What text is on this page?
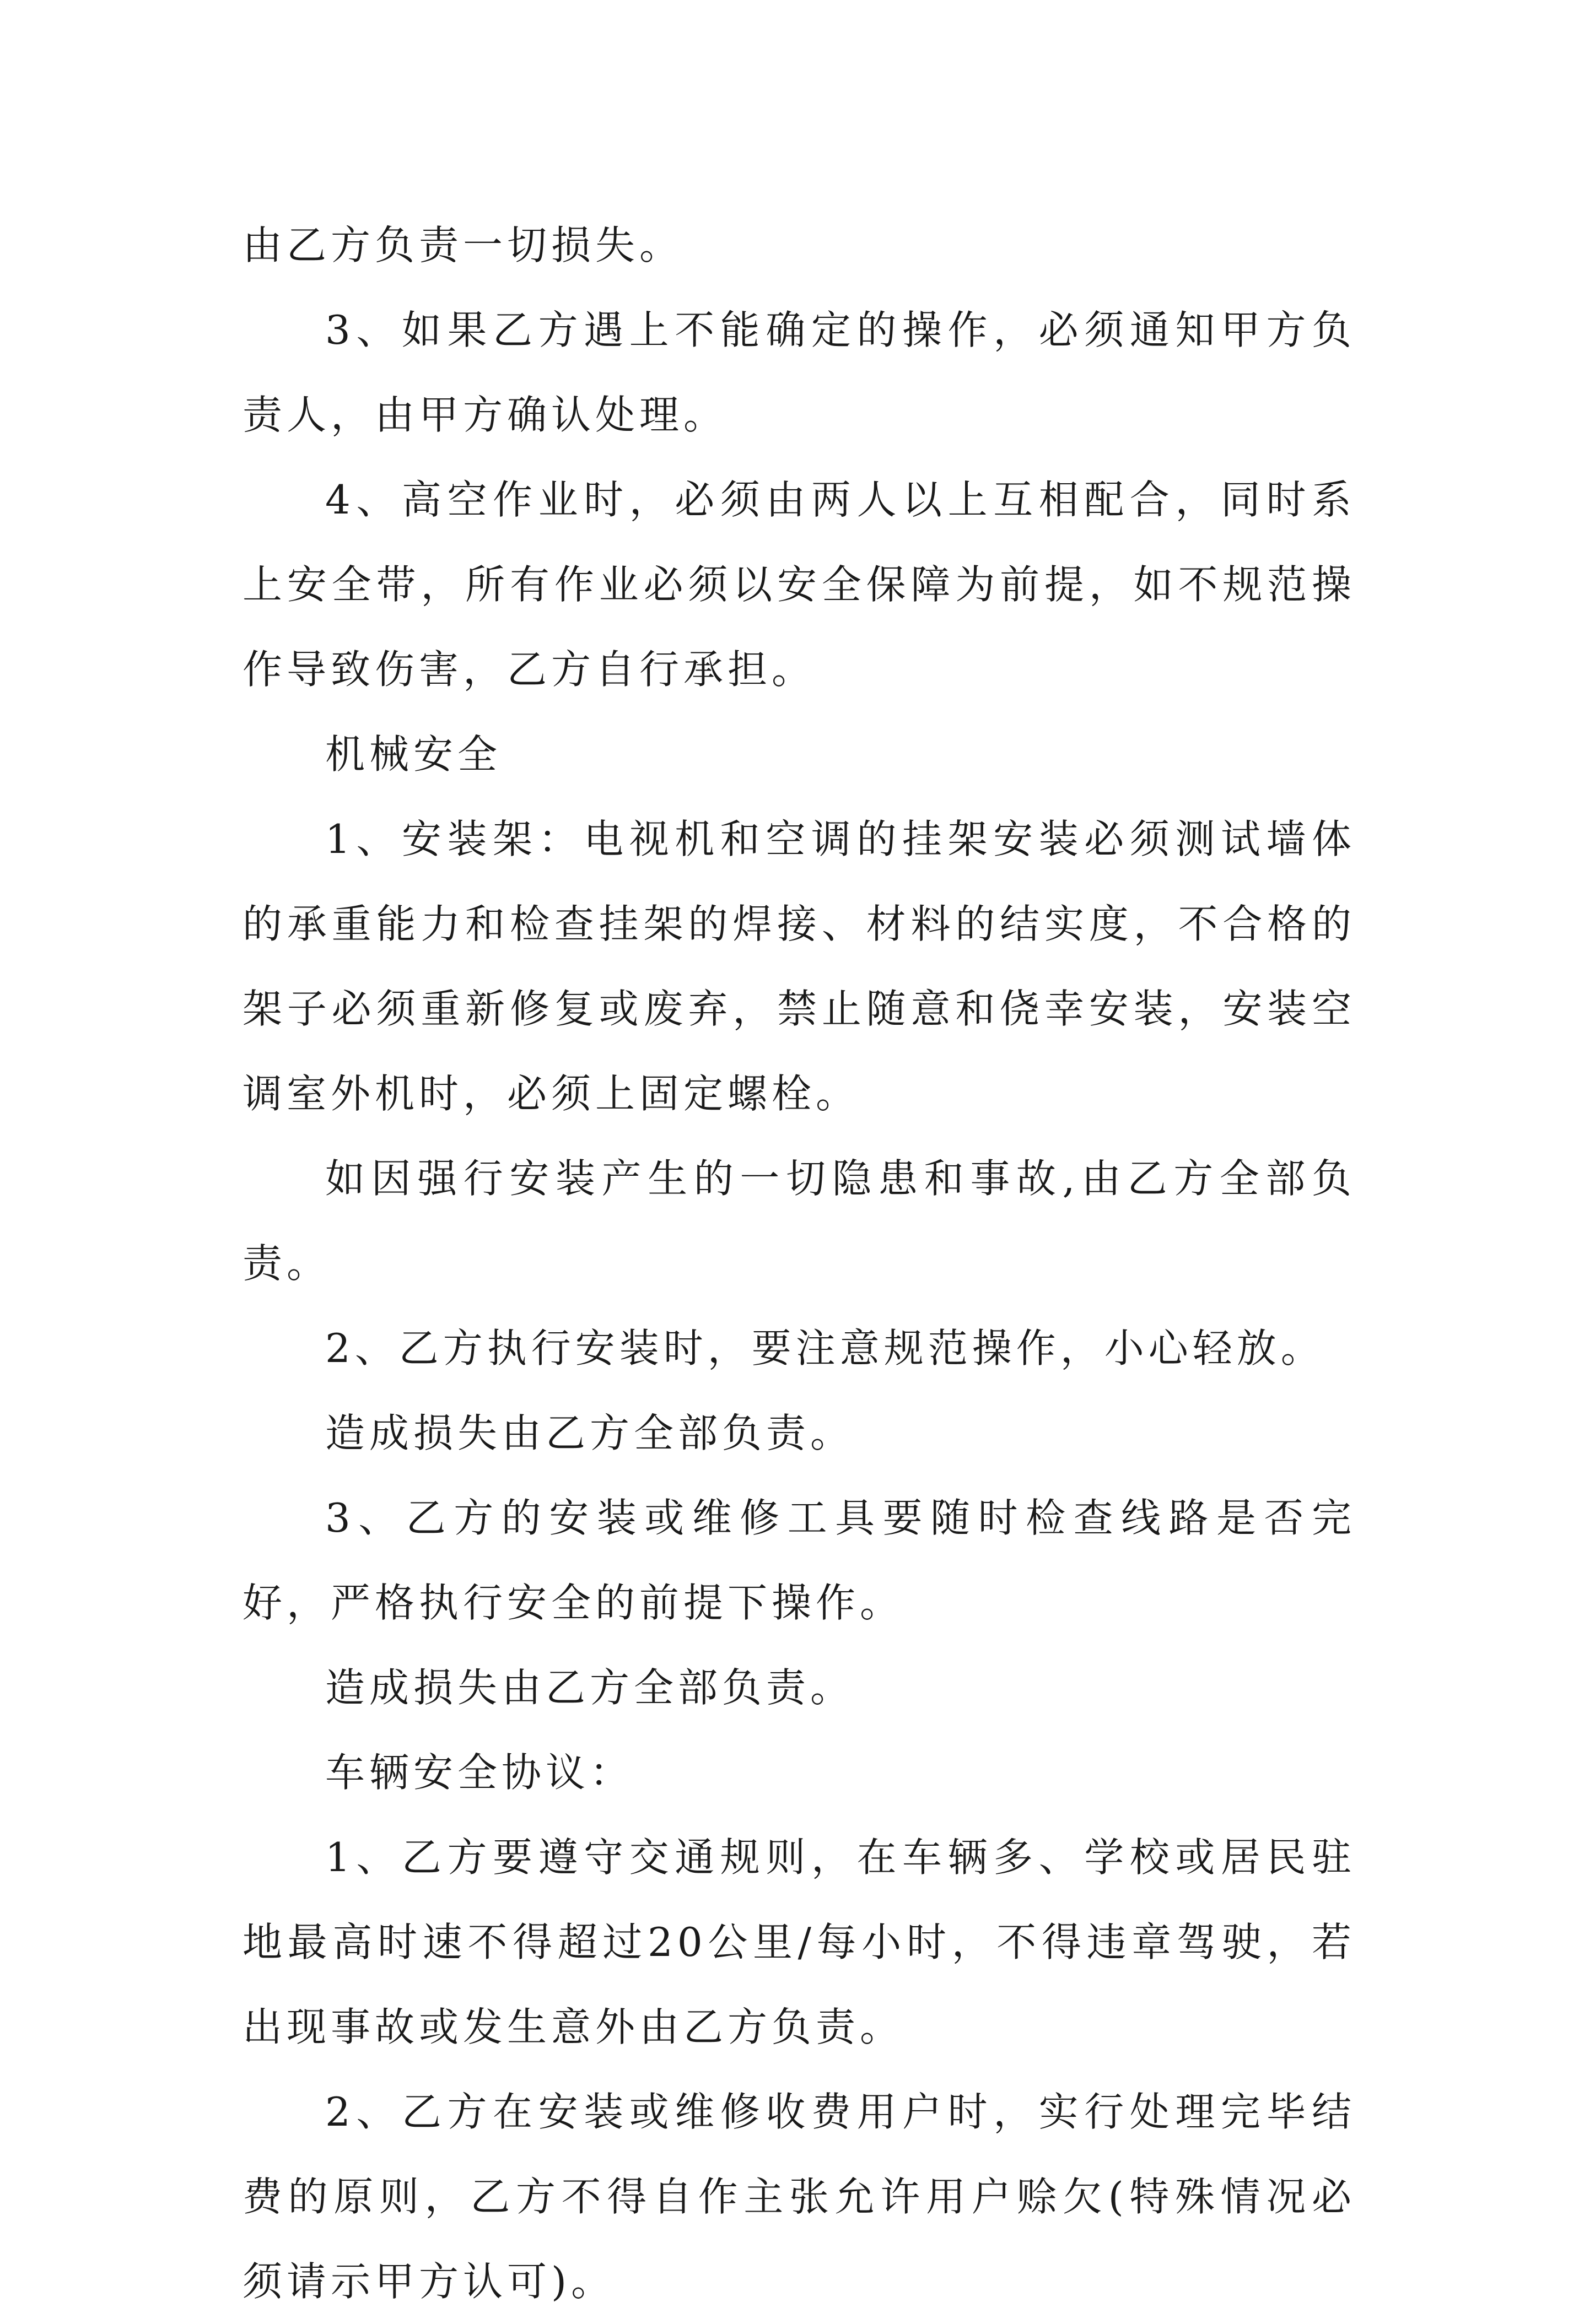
由乙方负责一切损失。

3、如果乙方遇上不能确定的操作，必须通知甲方负责人，由甲方确认处理。

4、高空作业时，必须由两人以上互相配合，同时系上安全带，所有作业必须以安全保障为前提，如不规范操作导致伤害，乙方自行承担。

机械安全

1、安装架：电视机和空调的挂架安装必须测试墙体的承重能力和检查挂架的焊接、材料的结实度，不合格的架子必须重新修复或废弃，禁止随意和侥幸安装，安装空调室外机时，必须上固定螺栓。

如因强行安装产生的一切隐患和事故,由乙方全部负责。

2、乙方执行安装时，要注意规范操作，小心轻放。

造成损失由乙方全部负责。

3、乙方的安装或维修工具要随时检查线路是否完好，严格执行安全的前提下操作。

造成损失由乙方全部负责。

车辆安全协议：

1、乙方要遵守交通规则，在车辆多、学校或居民驻地最高时速不得超过20公里/每小时，不得违章驾驶，若出现事故或发生意外由乙方负责。

2、乙方在安装或维修收费用户时，实行处理完毕结费的原则，乙方不得自作主张允许用户赊欠(特殊情况必须请示甲方认可)。
